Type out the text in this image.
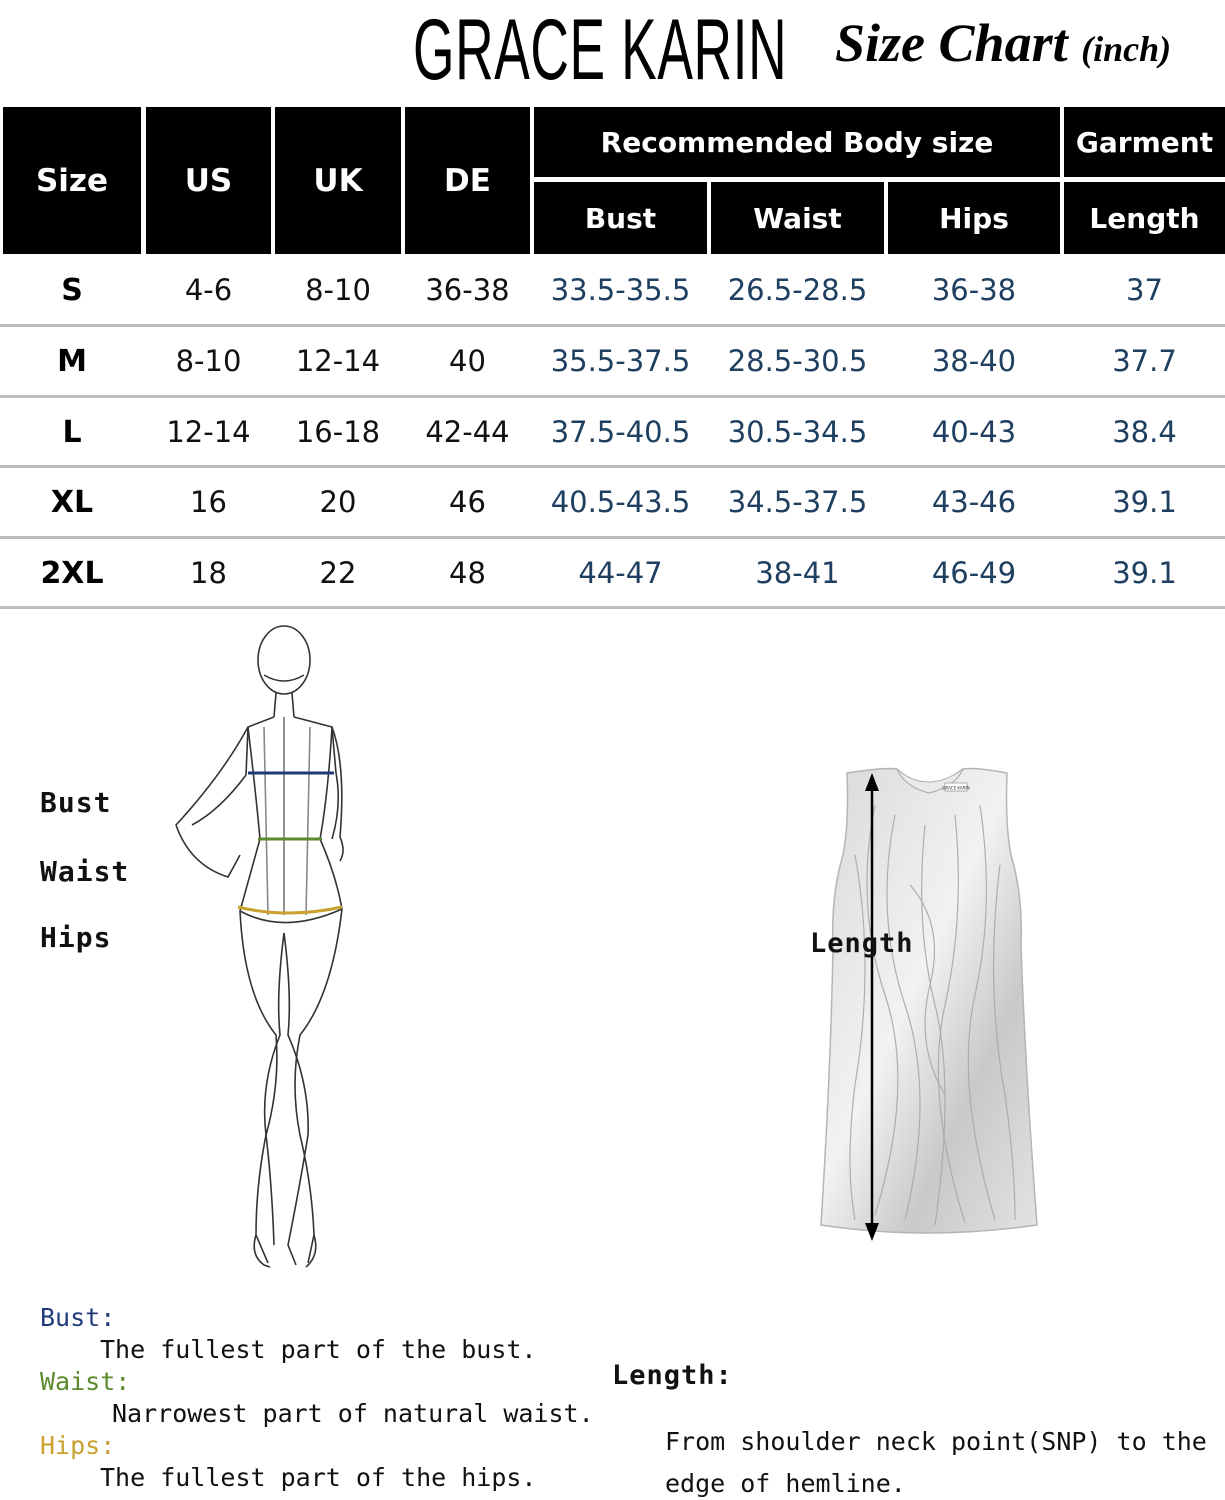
GRACE KARIN Size Chart (inch)
Size	US	UK	DE
Recommended Body size	Garment
Bust	Waist	Hips	Length
S	4-6	8-10	36-38	33.5-35.5	26.5-28.5	36-38	37
M	8-10	12-14	40	35.5-37.5	28.5-30.5	38-40	37.7
L	12-14	16-18	42-44	37.5-40.5	30.5-34.5	40-43	38.4
XL	16	20	46	40.5-43.5	34.5-37.5	43-46	39.1
2XL	18	22	48	44-47	38-41	46-49	39.1
Bust
Waist
Hips
GRACE KARIN
Length
Bust:
The fullest part of the bust.
Waist:
Narrowest part of natural waist.
Hips:
The fullest part of the hips.
Length:
From shoulder neck point(SNP) to the
edge of hemline.
